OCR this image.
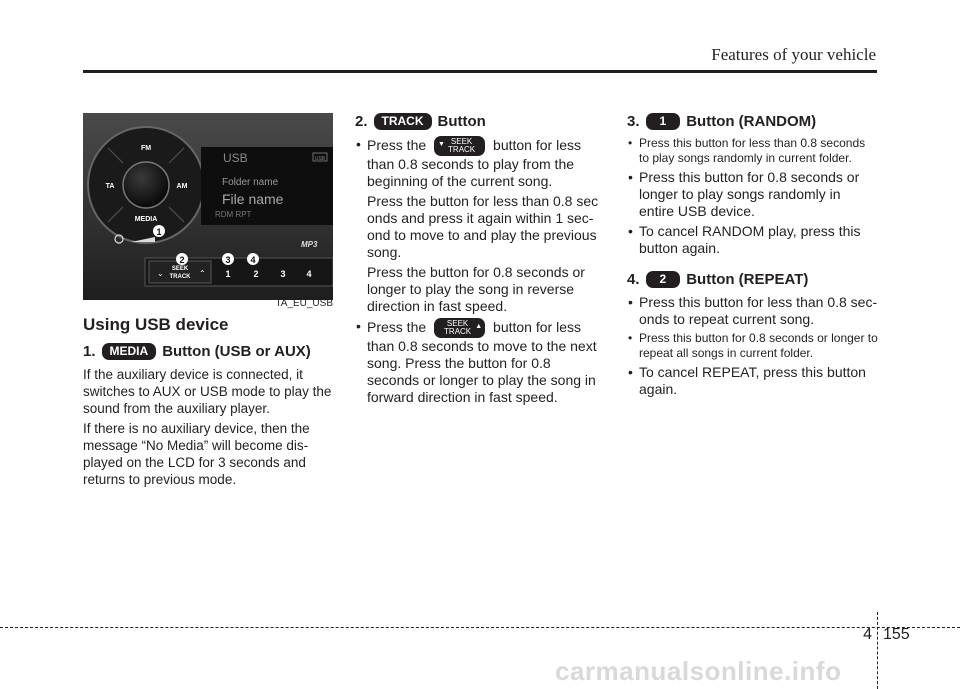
Features of your vehicle
FM
TA	AM
MEDIA
USB	USB
Folder name
File name
RDM RPT
MP3
SEEK
TRACK
⌄	⌃ 1	2 3 4
1
2	3 4
TA_EU_USB

Using USB device

1. MEDIA Button (USB or AUX)

If the auxiliary device is connected, it switches to AUX or USB mode to play the sound from the auxiliary player.

If there is no auxiliary device, then the message “No Media” will become dis- played on the LCD for 3 seconds and returns to previous mode.

2. TRACK Button

• Press the ▼ SEEK
TRACK button for less than 0.8 seconds to play from the beginning of the current song.
Press the button for less than 0.8 sec onds and press it again within 1 sec- ond to move to and play the previous song.
Press the button for 0.8 seconds or longer to play the song in reverse direction in fast speed.
• Press the	SEEK
TRACK
▲ button for less than 0.8 seconds to move to the next song. Press the button for 0.8 seconds or longer to play the song in forward direction in fast speed.

3. 1 Button (RANDOM)

• Press this button for less than 0.8 seconds to play songs randomly in current folder.
• Press this button for 0.8 seconds or longer to play songs randomly in entire USB device.
• To cancel RANDOM play, press this button again.

4. 2 Button (REPEAT)

• Press this button for less than 0.8 sec- onds to repeat current song.
• Press this button for 0.8 seconds or longer to repeat all songs in current folder.
• To cancel REPEAT, press this button again.
4 155
carmanualsonline.info
